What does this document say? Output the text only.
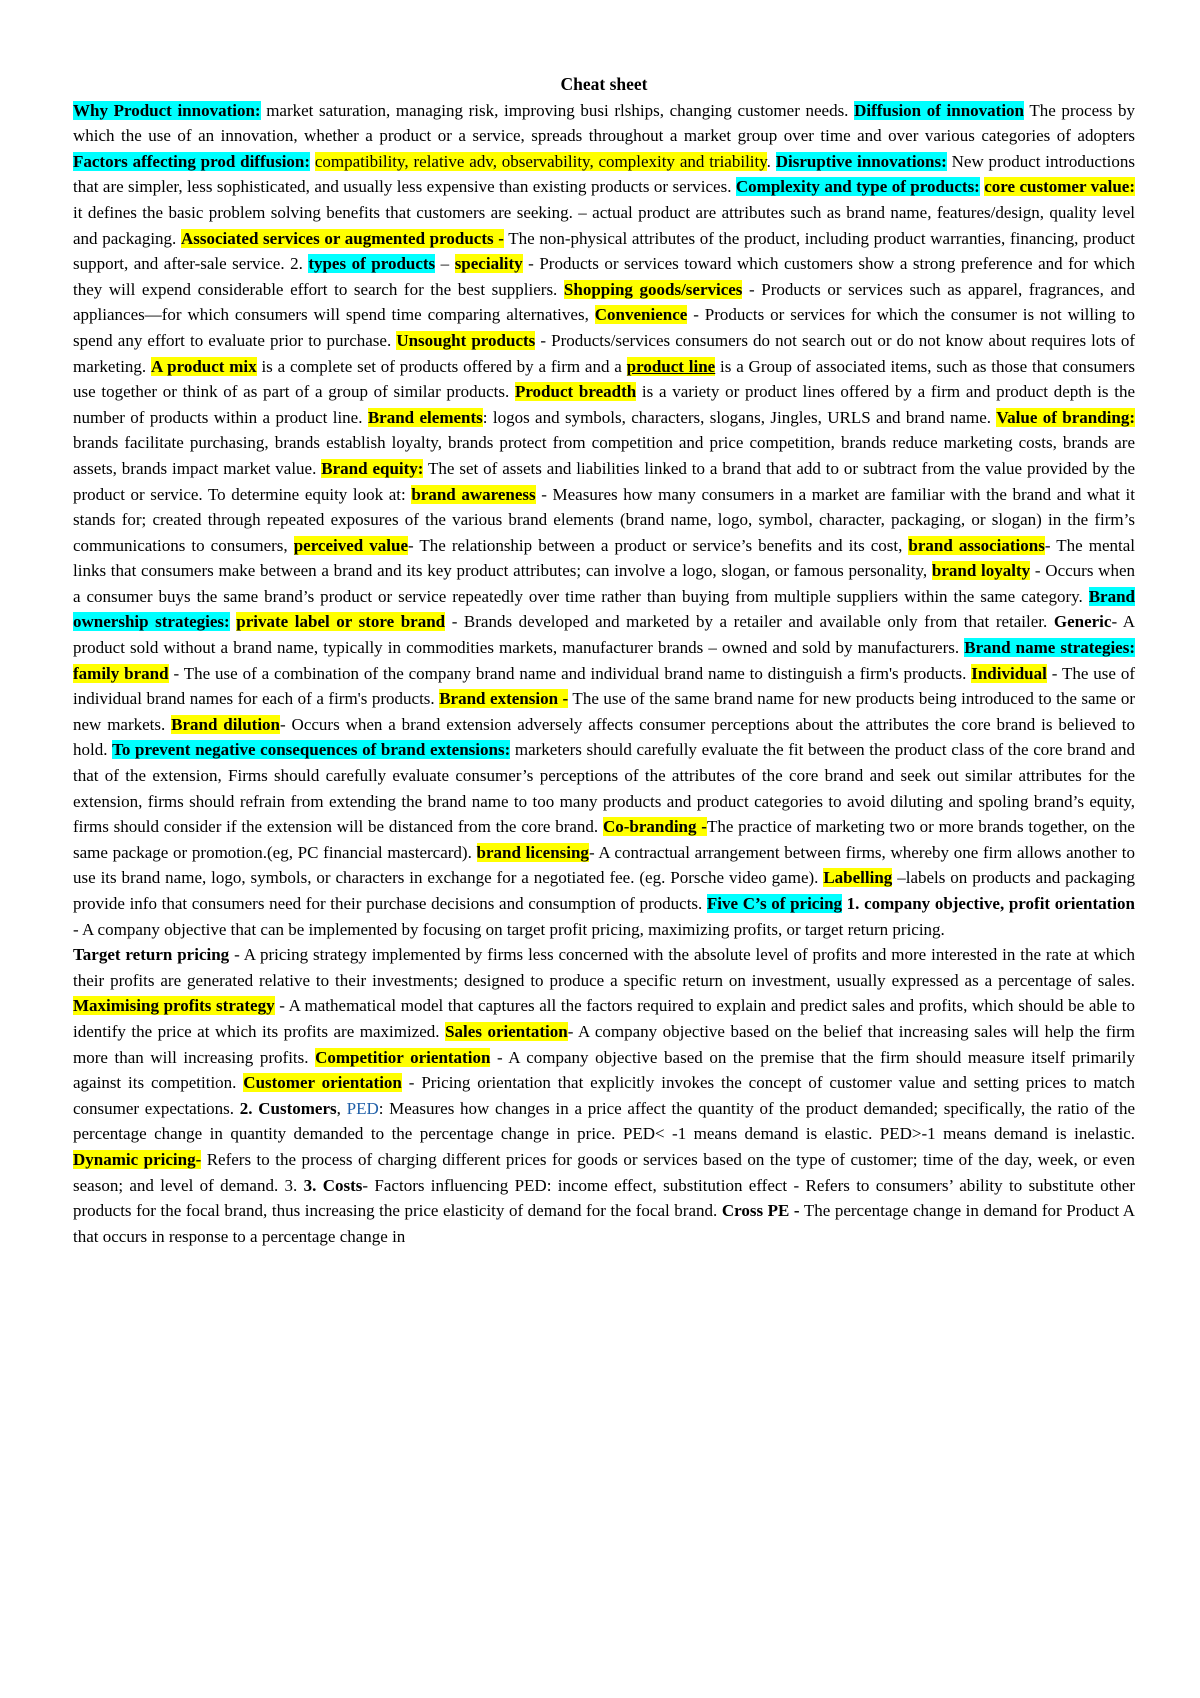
Cheat sheet

Why Product innovation: market saturation, managing risk, improving busi rlships, changing customer needs. Diffusion of innovation The process by which the use of an innovation, whether a product or a service, spreads throughout a market group over time and over various categories of adopters Factors affecting prod diffusion: compatibility, relative adv, observability, complexity and triability. Disruptive innovations: New product introductions that are simpler, less sophisticated, and usually less expensive than existing products or services. Complexity and type of products: core customer value: it defines the basic problem solving benefits that customers are seeking. – actual product are attributes such as brand name, features/design, quality level and packaging. Associated services or augmented products - The non-physical attributes of the product, including product warranties, financing, product support, and after-sale service. 2. types of products – speciality - Products or services toward which customers show a strong preference and for which they will expend considerable effort to search for the best suppliers. Shopping goods/services - Products or services such as apparel, fragrances, and appliances—for which consumers will spend time comparing alternatives, Convenience - Products or services for which the consumer is not willing to spend any effort to evaluate prior to purchase. Unsought products - Products/services consumers do not search out or do not know about requires lots of marketing. A product mix is a complete set of products offered by a firm and a product line is a Group of associated items, such as those that consumers use together or think of as part of a group of similar products. Product breadth is a variety or product lines offered by a firm and product depth is the number of products within a product line. Brand elements: logos and symbols, characters, slogans, Jingles, URLS and brand name. Value of branding: brands facilitate purchasing, brands establish loyalty, brands protect from competition and price competition, brands reduce marketing costs, brands are assets, brands impact market value. Brand equity: The set of assets and liabilities linked to a brand that add to or subtract from the value provided by the product or service. To determine equity look at: brand awareness - Measures how many consumers in a market are familiar with the brand and what it stands for; created through repeated exposures of the various brand elements (brand name, logo, symbol, character, packaging, or slogan) in the firm’s communications to consumers, perceived value- The relationship between a product or service’s benefits and its cost, brand associations- The mental links that consumers make between a brand and its key product attributes; can involve a logo, slogan, or famous personality, brand loyalty - Occurs when a consumer buys the same brand’s product or service repeatedly over time rather than buying from multiple suppliers within the same category. Brand ownership strategies: private label or store brand - Brands developed and marketed by a retailer and available only from that retailer. Generic- A product sold without a brand name, typically in commodities markets, manufacturer brands – owned and sold by manufacturers. Brand name strategies: family brand - The use of a combination of the company brand name and individual brand name to distinguish a firm's products. Individual - The use of individual brand names for each of a firm's products. Brand extension - The use of the same brand name for new products being introduced to the same or new markets. Brand dilution- Occurs when a brand extension adversely affects consumer perceptions about the attributes the core brand is believed to hold. To prevent negative consequences of brand extensions: marketers should carefully evaluate the fit between the product class of the core brand and that of the extension, Firms should carefully evaluate consumer’s perceptions of the attributes of the core brand and seek out similar attributes for the extension, firms should refrain from extending the brand name to too many products and product categories to avoid diluting and spoling brand’s equity, firms should consider if the extension will be distanced from the core brand. Co-branding -The practice of marketing two or more brands together, on the same package or promotion.(eg, PC financial mastercard). brand licensing- A contractual arrangement between firms, whereby one firm allows another to use its brand name, logo, symbols, or characters in exchange for a negotiated fee. (eg. Porsche video game). Labelling –labels on products and packaging provide info that consumers need for their purchase decisions and consumption of products. Five C’s of pricing 1. company objective, profit orientation - A company objective that can be implemented by focusing on target profit pricing, maximizing profits, or target return pricing.

Target return pricing - A pricing strategy implemented by firms less concerned with the absolute level of profits and more interested in the rate at which their profits are generated relative to their investments; designed to produce a specific return on investment, usually expressed as a percentage of sales. Maximising profits strategy - A mathematical model that captures all the factors required to explain and predict sales and profits, which should be able to identify the price at which its profits are maximized. Sales orientation- A company objective based on the belief that increasing sales will help the firm more than will increasing profits. Competitior orientation - A company objective based on the premise that the firm should measure itself primarily against its competition. Customer orientation - Pricing orientation that explicitly invokes the concept of customer value and setting prices to match consumer expectations. 2. Customers, PED: Measures how changes in a price affect the quantity of the product demanded; specifically, the ratio of the percentage change in quantity demanded to the percentage change in price. PED< -1 means demand is elastic. PED>-1 means demand is inelastic. Dynamic pricing- Refers to the process of charging different prices for goods or services based on the type of customer; time of the day, week, or even season; and level of demand. 3. 3. Costs- Factors influencing PED: income effect, substitution effect - Refers to consumers’ ability to substitute other products for the focal brand, thus increasing the price elasticity of demand for the focal brand. Cross PE - The percentage change in demand for Product A that occurs in response to a percentage change in
